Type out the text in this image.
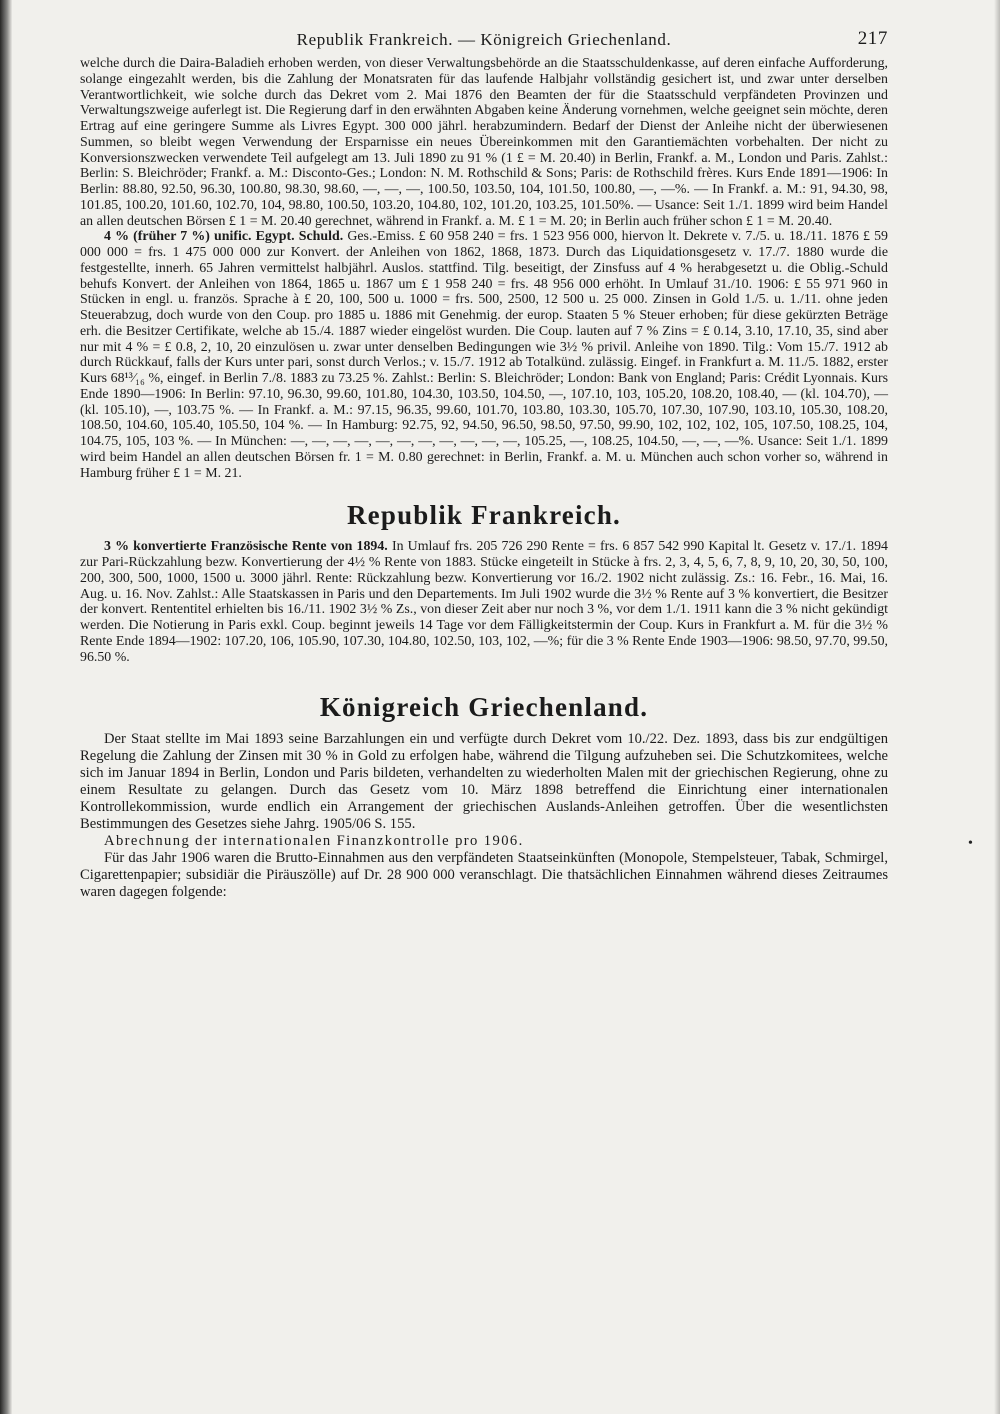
•
Republik Frankreich. — Königreich Griechenland.	217

welche durch die Daira-Baladieh erhoben werden, von dieser Verwaltungsbehörde an die Staatsschuldenkasse, auf deren einfache Aufforderung, solange eingezahlt werden, bis die Zahlung der Monatsraten für das laufende Halbjahr vollständig gesichert ist, und zwar unter derselben Verantwortlichkeit, wie solche durch das Dekret vom 2. Mai 1876 den Beamten der für die Staatsschuld verpfändeten Provinzen und Verwaltungszweige auferlegt ist. Die Regierung darf in den erwähnten Abgaben keine Änderung vornehmen, welche geeignet sein möchte, deren Ertrag auf eine geringere Summe als Livres Egypt. 300 000 jährl. herabzumindern. Bedarf der Dienst der Anleihe nicht der überwiesenen Summen, so bleibt wegen Verwendung der Ersparnisse ein neues Übereinkommen mit den Garantiemächten vorbehalten. Der nicht zu Konversionszwecken verwendete Teil aufgelegt am 13. Juli 1890 zu 91 % (1 £ = M. 20.40) in Berlin, Frankf. a. M., London und Paris. Zahlst.: Berlin: S. Bleichröder; Frankf. a. M.: Disconto-Ges.; London: N. M. Rothschild & Sons; Paris: de Rothschild frères. Kurs Ende 1891—1906: In Berlin: 88.80, 92.50, 96.30, 100.80, 98.30, 98.60, —, —, —, 100.50, 103.50, 104, 101.50, 100.80, —, —%. — In Frankf. a. M.: 91, 94.30, 98, 101.85, 100.20, 101.60, 102.70, 104, 98.80, 100.50, 103.20, 104.80, 102, 101.20, 103.25, 101.50%. — Usance: Seit 1./1. 1899 wird beim Handel an allen deutschen Börsen £ 1 = M. 20.40 gerechnet, während in Frankf. a. M. £ 1 = M. 20; in Berlin auch früher schon £ 1 = M. 20.40.

4 % (früher 7 %) unific. Egypt. Schuld. Ges.-Emiss. £ 60 958 240 = frs. 1 523 956 000, hiervon lt. Dekrete v. 7./5. u. 18./11. 1876 £ 59 000 000 = frs. 1 475 000 000 zur Konvert. der Anleihen von 1862, 1868, 1873. Durch das Liquidationsgesetz v. 17./7. 1880 wurde die festgestellte, innerh. 65 Jahren vermittelst halbjährl. Auslos. stattfind. Tilg. beseitigt, der Zinsfuss auf 4 % herabgesetzt u. die Oblig.-Schuld behufs Konvert. der Anleihen von 1864, 1865 u. 1867 um £ 1 958 240 = frs. 48 956 000 erhöht. In Umlauf 31./10. 1906: £ 55 971 960 in Stücken in engl. u. französ. Sprache à £ 20, 100, 500 u. 1000 = frs. 500, 2500, 12 500 u. 25 000. Zinsen in Gold 1./5. u. 1./11. ohne jeden Steuerabzug, doch wurde von den Coup. pro 1885 u. 1886 mit Genehmig. der europ. Staaten 5 % Steuer erhoben; für diese gekürzten Beträge erh. die Besitzer Certifikate, welche ab 15./4. 1887 wieder eingelöst wurden. Die Coup. lauten auf 7 % Zins = £ 0.14, 3.10, 17.10, 35, sind aber nur mit 4 % = £ 0.8, 2, 10, 20 einzulösen u. zwar unter denselben Bedingungen wie 3½ % privil. Anleihe von 1890. Tilg.: Vom 15./7. 1912 ab durch Rückkauf, falls der Kurs unter pari, sonst durch Verlos.; v. 15./7. 1912 ab Totalkünd. zulässig. Eingef. in Frankfurt a. M. 11./5. 1882, erster Kurs 68¹³⁄₁₆ %, eingef. in Berlin 7./8. 1883 zu 73.25 %. Zahlst.: Berlin: S. Bleichröder; London: Bank von England; Paris: Crédit Lyonnais. Kurs Ende 1890—1906: In Berlin: 97.10, 96.30, 99.60, 101.80, 104.30, 103.50, 104.50, —, 107.10, 103, 105.20, 108.20, 108.40, — (kl. 104.70), — (kl. 105.10), —, 103.75 %. — In Frankf. a. M.: 97.15, 96.35, 99.60, 101.70, 103.80, 103.30, 105.70, 107.30, 107.90, 103.10, 105.30, 108.20, 108.50, 104.60, 105.40, 105.50, 104 %. — In Hamburg: 92.75, 92, 94.50, 96.50, 98.50, 97.50, 99.90, 102, 102, 102, 105, 107.50, 108.25, 104, 104.75, 105, 103 %. — In München: —, —, —, —, —, —, —, —, —, —, —, 105.25, —, 108.25, 104.50, —, —, —%. Usance: Seit 1./1. 1899 wird beim Handel an allen deutschen Börsen fr. 1 = M. 0.80 gerechnet: in Berlin, Frankf. a. M. u. München auch schon vorher so, während in Hamburg früher £ 1 = M. 21.

Republik Frankreich.

3 % konvertierte Französische Rente von 1894. In Umlauf frs. 205 726 290 Rente = frs. 6 857 542 990 Kapital lt. Gesetz v. 17./1. 1894 zur Pari-Rückzahlung bezw. Konvertierung der 4½ % Rente von 1883. Stücke eingeteilt in Stücke à frs. 2, 3, 4, 5, 6, 7, 8, 9, 10, 20, 30, 50, 100, 200, 300, 500, 1000, 1500 u. 3000 jährl. Rente: Rückzahlung bezw. Konvertierung vor 16./2. 1902 nicht zulässig. Zs.: 16. Febr., 16. Mai, 16. Aug. u. 16. Nov. Zahlst.: Alle Staatskassen in Paris und den Departements. Im Juli 1902 wurde die 3½ % Rente auf 3 % konvertiert, die Besitzer der konvert. Rententitel erhielten bis 16./11. 1902 3½ % Zs., von dieser Zeit aber nur noch 3 %, vor dem 1./1. 1911 kann die 3 % nicht gekündigt werden. Die Notierung in Paris exkl. Coup. beginnt jeweils 14 Tage vor dem Fälligkeitstermin der Coup. Kurs in Frankfurt a. M. für die 3½ % Rente Ende 1894—1902: 107.20, 106, 105.90, 107.30, 104.80, 102.50, 103, 102, —%; für die 3 % Rente Ende 1903—1906: 98.50, 97.70, 99.50, 96.50 %.

Königreich Griechenland.

Der Staat stellte im Mai 1893 seine Barzahlungen ein und verfügte durch Dekret vom 10./22. Dez. 1893, dass bis zur endgültigen Regelung die Zahlung der Zinsen mit 30 % in Gold zu erfolgen habe, während die Tilgung aufzuheben sei. Die Schutzkomitees, welche sich im Januar 1894 in Berlin, London und Paris bildeten, verhandelten zu wiederholten Malen mit der griechischen Regierung, ohne zu einem Resultate zu gelangen. Durch das Gesetz vom 10. März 1898 betreffend die Einrichtung einer internationalen Kontrollekommission, wurde endlich ein Arrangement der griechischen Auslands-Anleihen getroffen. Über die wesentlichsten Bestimmungen des Gesetzes siehe Jahrg. 1905/06 S. 155.

Abrechnung der internationalen Finanzkontrolle pro 1906.

Für das Jahr 1906 waren die Brutto-Einnahmen aus den verpfändeten Staatseinkünften (Monopole, Stempelsteuer, Tabak, Schmirgel, Cigarettenpapier; subsidiär die Piräuszölle) auf Dr. 28 900 000 veranschlagt. Die thatsächlichen Einnahmen während dieses Zeitraumes waren dagegen folgende:
